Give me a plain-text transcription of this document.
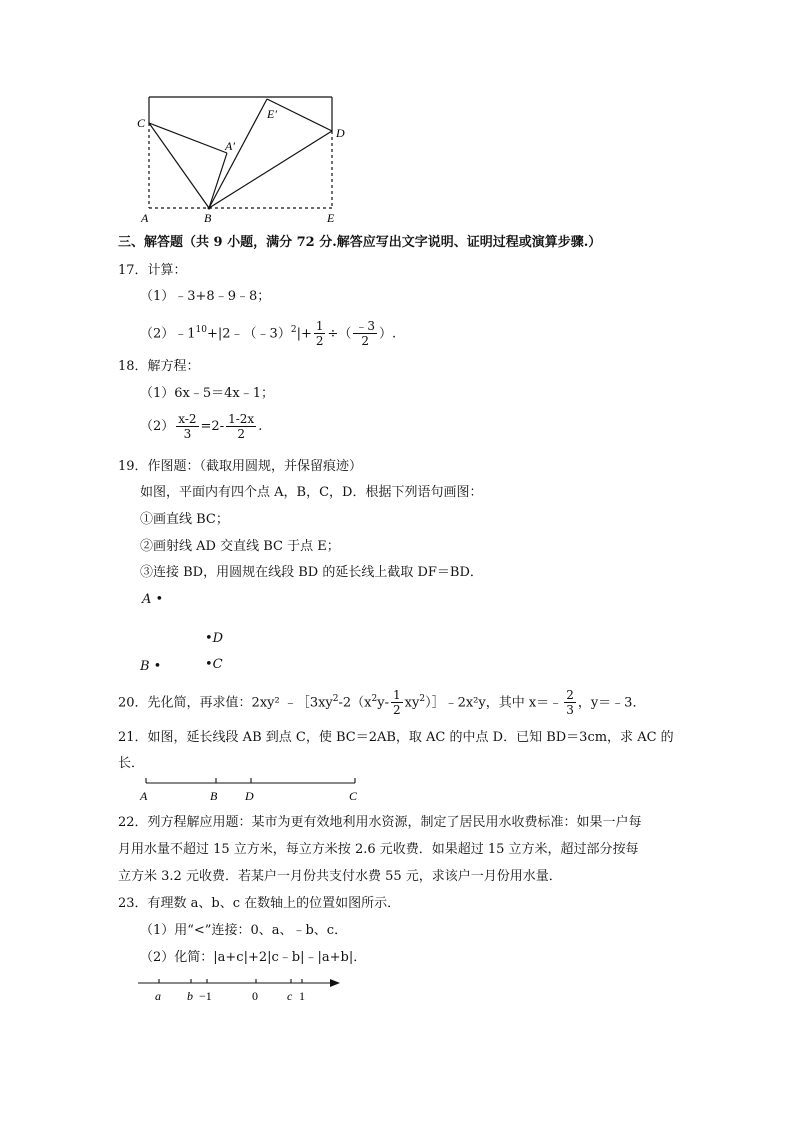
C
A′
E′
D
A	B	E
三、解答题（共 9 小题，满分 72 分.解答应写出文字说明、证明过程或演算步骤.）
17．计算：
（1）﹣3+8﹣9﹣8；
$(2)﹣1^{10}+|2﹣(﹣3)^2|+ \frac{1}{2}$ ÷（ $\frac{﹣3}{2}$ ）.
18．解方程：
（1）6x﹣5＝4x﹣1；
$(2) \frac{x-2}{3} =2- \frac{1-2x}{2}$ .
19．作图题：（截取用圆规，并保留痕迹）
如图，平面内有四个点 A，B，C，D．根据下列语句画图：
①画直线 BC；
②画射线 AD 交直线 BC 于点 E；
③连接 BD，用圆规在线段 BD 的延长线上截取 DF＝BD．
A •
•D
B •	•C
20．先化简，再求值：2xy² $﹣[3xy^2-2(x^2y- \frac{1}{2}$ $xy^2)]﹣2x^2y$，其中 x＝﹣ $\frac{2}{3}$ ，y＝﹣3．
21．如图，延长线段 AB 到点 C，使 BC＝2AB，取 AC 的中点 D．已知 BD＝3cm，求 AC 的
长．
A	B D	C
22．列方程解应用题：某市为更有效地利用水资源，制定了居民用水收费标准：如果一户每
月用水量不超过 15 立方米，每立方米按 2.6 元收费．如果超过 15 立方米，超过部分按每
立方米 3.2 元收费．若某户一月份共支付水费 55 元，求该户一月份用水量．
23．有理数 a、b、c 在数轴上的位置如图所示．
（1）用“<”连接：0、a、﹣b、c．
（2）化简：|a+c|+2|c﹣b|﹣|a+b|．
a b −1	0 c 1
